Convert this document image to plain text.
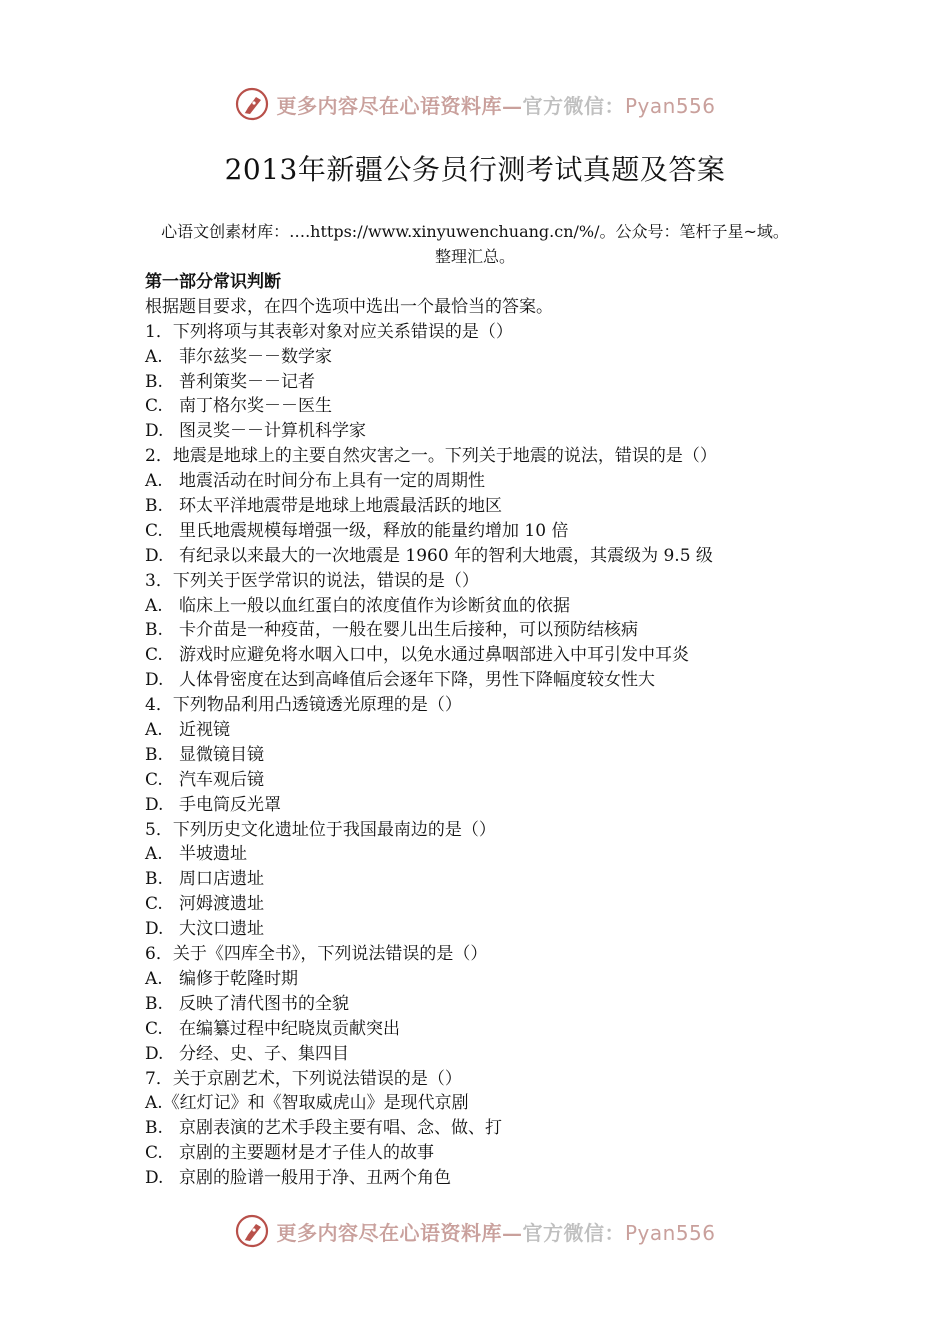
更多内容尽在心语资料库—官方微信：Pyan556
2013年新疆公务员行测考试真题及答案
心语文创素材库：….https://www.xinyuwenchuang.cn/%/。公众号：笔杆子星~域。
整理汇总。
第一部分常识判断
根据题目要求，在四个选项中选出一个最恰当的答案。
1．下列将项与其表彰对象对应关系错误的是（）
A. 菲尔兹奖－－数学家
B. 普利策奖－－记者
C. 南丁格尔奖－－医生
D. 图灵奖－－计算机科学家
2．地震是地球上的主要自然灾害之一。下列关于地震的说法，错误的是（）
A. 地震活动在时间分布上具有一定的周期性
B. 环太平洋地震带是地球上地震最活跃的地区
C. 里氏地震规模每增强一级，释放的能量约增加 10 倍
D. 有纪录以来最大的一次地震是 1960 年的智利大地震，其震级为 9.5 级
3．下列关于医学常识的说法，错误的是（）
A. 临床上一般以血红蛋白的浓度值作为诊断贫血的依据
B. 卡介苗是一种疫苗，一般在婴儿出生后接种，可以预防结核病
C. 游戏时应避免将水咽入口中，以免水通过鼻咽部进入中耳引发中耳炎
D. 人体骨密度在达到高峰值后会逐年下降，男性下降幅度较女性大
4．下列物品利用凸透镜透光原理的是（）
A. 近视镜
B. 显微镜目镜
C. 汽车观后镜
D. 手电筒反光罩
5．下列历史文化遗址位于我国最南边的是（）
A. 半坡遗址
B. 周口店遗址
C. 河姆渡遗址
D. 大汶口遗址
6．关于《四库全书》，下列说法错误的是（）
A. 编修于乾隆时期
B. 反映了清代图书的全貌
C. 在编纂过程中纪晓岚贡献突出
D. 分经、史、子、集四目
7．关于京剧艺术，下列说法错误的是（）
A.《红灯记》和《智取威虎山》是现代京剧
B. 京剧表演的艺术手段主要有唱、念、做、打
C. 京剧的主要题材是才子佳人的故事
D. 京剧的脸谱一般用于净、丑两个角色
更多内容尽在心语资料库—官方微信：Pyan556
